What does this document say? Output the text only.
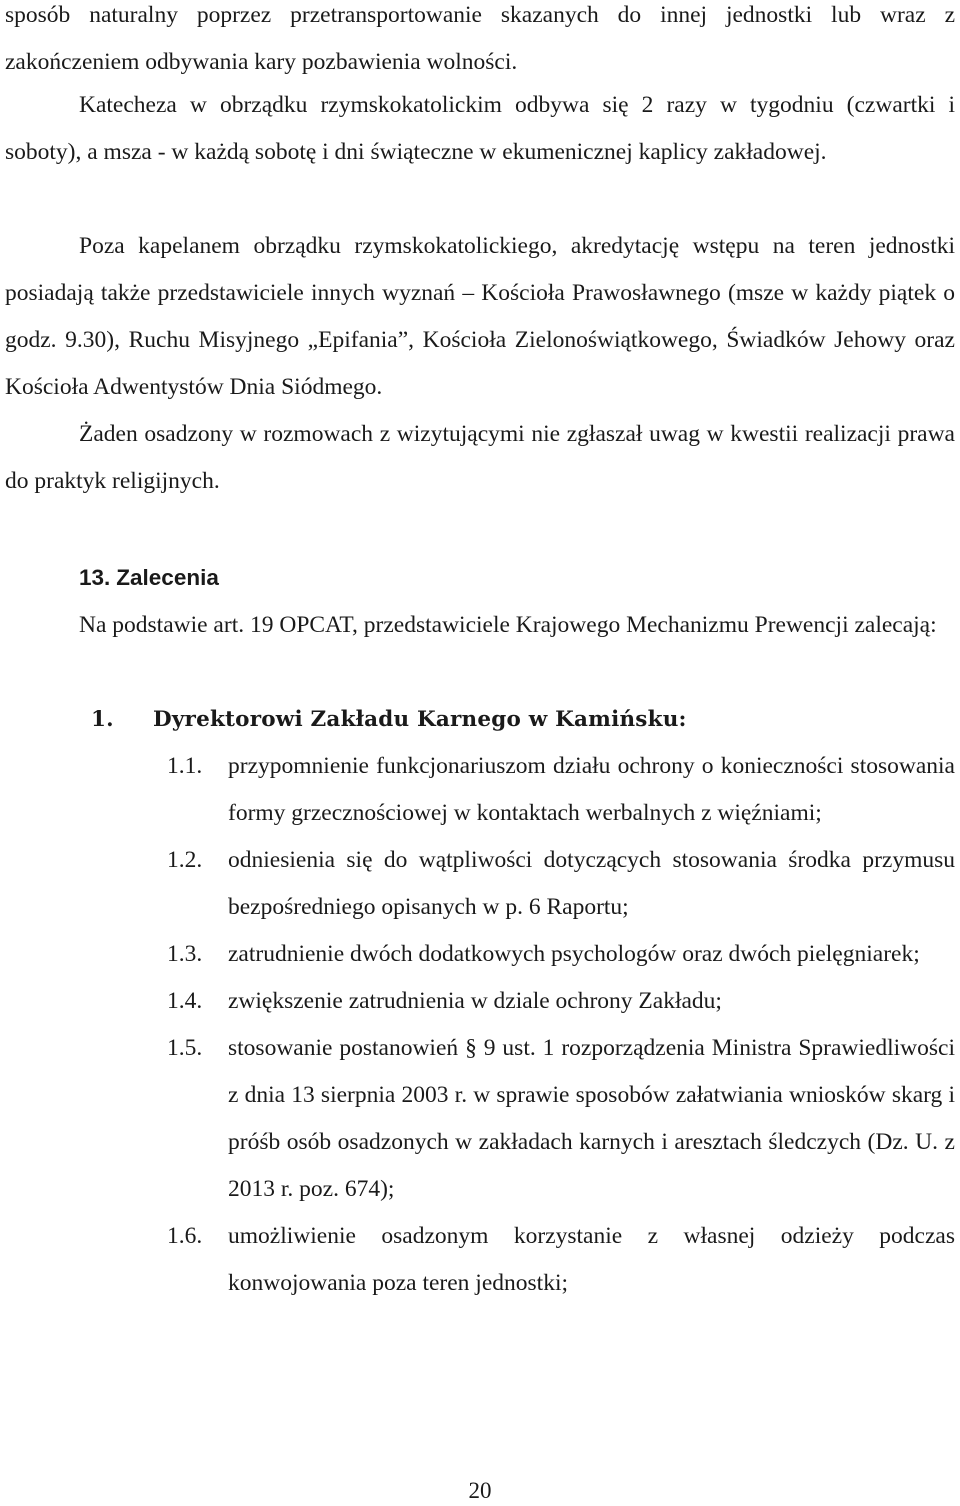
sposób naturalny poprzez przetransportowanie skazanych do innej jednostki lub wraz z zakończeniem odbywania kary pozbawienia wolności.

Katecheza w obrządku rzymskokatolickim odbywa się 2 razy w tygodniu (czwartki i soboty), a msza - w każdą sobotę i dni świąteczne w ekumenicznej kaplicy zakładowej.

Poza kapelanem obrządku rzymskokatolickiego, akredytację wstępu na teren jednostki posiadają także przedstawiciele innych wyznań – Kościoła Prawosławnego (msze w każdy piątek o godz. 9.30), Ruchu Misyjnego „Epifania”, Kościoła Zielonoświątkowego, Świadków Jehowy oraz Kościoła Adwentystów Dnia Siódmego.

Żaden osadzony w rozmowach z wizytującymi nie zgłaszał uwag w kwestii realizacji prawa do praktyk religijnych.

13. Zalecenia

Na podstawie art. 19 OPCAT, przedstawiciele Krajowego Mechanizmu Prewencji zalecają:

1. Dyrektorowi Zakładu Karnego w Kamińsku:
1.1. przypomnienie funkcjonariuszom działu ochrony o konieczności stosowania formy grzecznościowej w kontaktach werbalnych z więźniami;
1.2. odniesienia się do wątpliwości dotyczących stosowania środka przymusu bezpośredniego opisanych w p. 6 Raportu;
1.3. zatrudnienie dwóch dodatkowych psychologów oraz dwóch pielęgniarek;
1.4. zwiększenie zatrudnienia w dziale ochrony Zakładu;
1.5. stosowanie postanowień § 9 ust. 1 rozporządzenia Ministra Sprawiedliwości z dnia 13 sierpnia 2003 r. w sprawie sposobów załatwiania wniosków skarg i próśb osób osadzonych w zakładach karnych i aresztach śledczych (Dz. U. z 2013 r. poz. 674);
1.6. umożliwienie osadzonym korzystanie z własnej odzieży podczas konwojowania poza teren jednostki;
20
